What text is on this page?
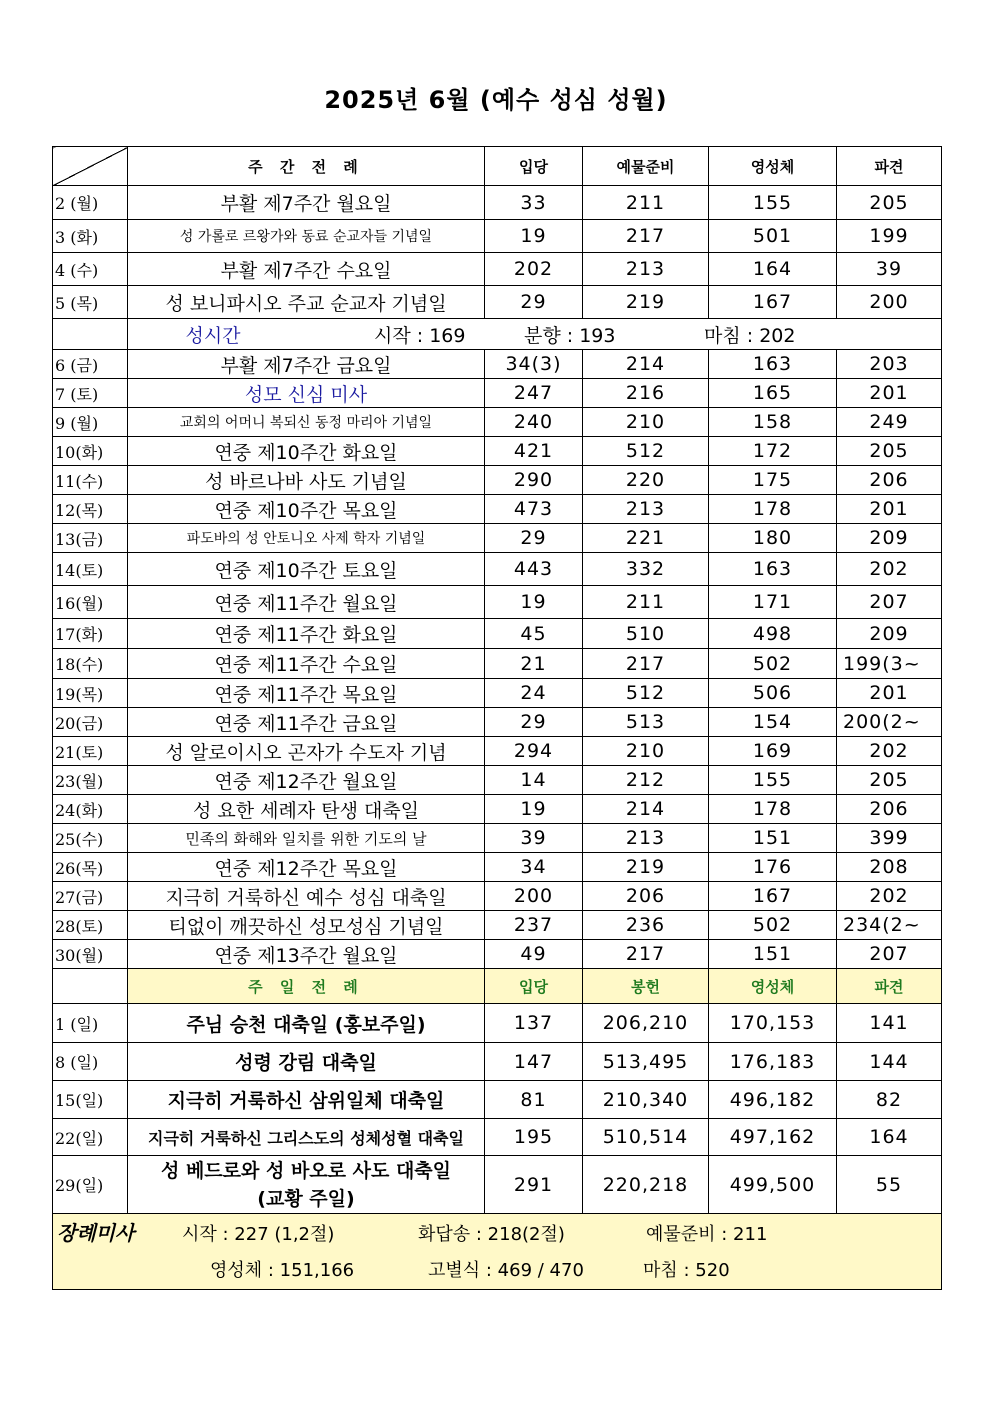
2025년 6월 (예수 성심 성월)
	주 간 전 례	입당	예물준비	영성체	파견
2 (월)	부활 제7주간 월요일	33	211	155	205
3 (화)	성 가롤로 르왕가와 동료 순교자들 기념일	19	217	501	199
4 (수)	부활 제7주간 수요일	202	213	164	39
5 (목)	성 보니파시오 주교 순교자 기념일	29	219	167	200
	성시간 시작 : 169 분향 : 193 마침 : 202				
6 (금)	부활 제7주간 금요일	34(3)	214	163	203
7 (토)	성모 신심 미사	247	216	165	201
9 (월)	교회의 어머니 복되신 동정 마리아 기념일	240	210	158	249
10(화)	연중 제10주간 화요일	421	512	172	205
11(수)	성 바르나바 사도 기념일	290	220	175	206
12(목)	연중 제10주간 목요일	473	213	178	201
13(금)	파도바의 성 안토니오 사제 학자 기념일	29	221	180	209
14(토)	연중 제10주간 토요일	443	332	163	202
16(월)	연중 제11주간 월요일	19	211	171	207
17(화)	연중 제11주간 화요일	45	510	498	209
18(수)	연중 제11주간 수요일	21	217	502	199(3~
19(목)	연중 제11주간 목요일	24	512	506	201
20(금)	연중 제11주간 금요일	29	513	154	200(2~
21(토)	성 알로이시오 곤자가 수도자 기념	294	210	169	202
23(월)	연중 제12주간 월요일	14	212	155	205
24(화)	성 요한 세례자 탄생 대축일	19	214	178	206
25(수)	민족의 화해와 일치를 위한 기도의 날	39	213	151	399
26(목)	연중 제12주간 목요일	34	219	176	208
27(금)	지극히 거룩하신 예수 성심 대축일	200	206	167	202
28(토)	티없이 깨끗하신 성모성심 기념일	237	236	502	234(2~
30(월)	연중 제13주간 월요일	49	217	151	207
	주 일 전 례	입당	봉헌	영성체	파견
1 (일)	주님 승천 대축일 (홍보주일)	137	206,210	170,153	141
8 (일)	성령 강림 대축일	147	513,495	176,183	144
15(일)	지극히 거룩하신 삼위일체 대축일	81	210,340	496,182	82
22(일)	지극히 거룩하신 그리스도의 성체성혈 대축일	195	510,514	497,162	164
29(일)	성 베드로와 성 바오로 사도 대축일
(교황 주일)	291	220,218	499,500	55

장례미사 시작 : 227 (1,2절) 화답송 : 218(2절) 예물준비 : 211
영성체 : 151,166 고별식 : 469 / 470 마침 : 520					
